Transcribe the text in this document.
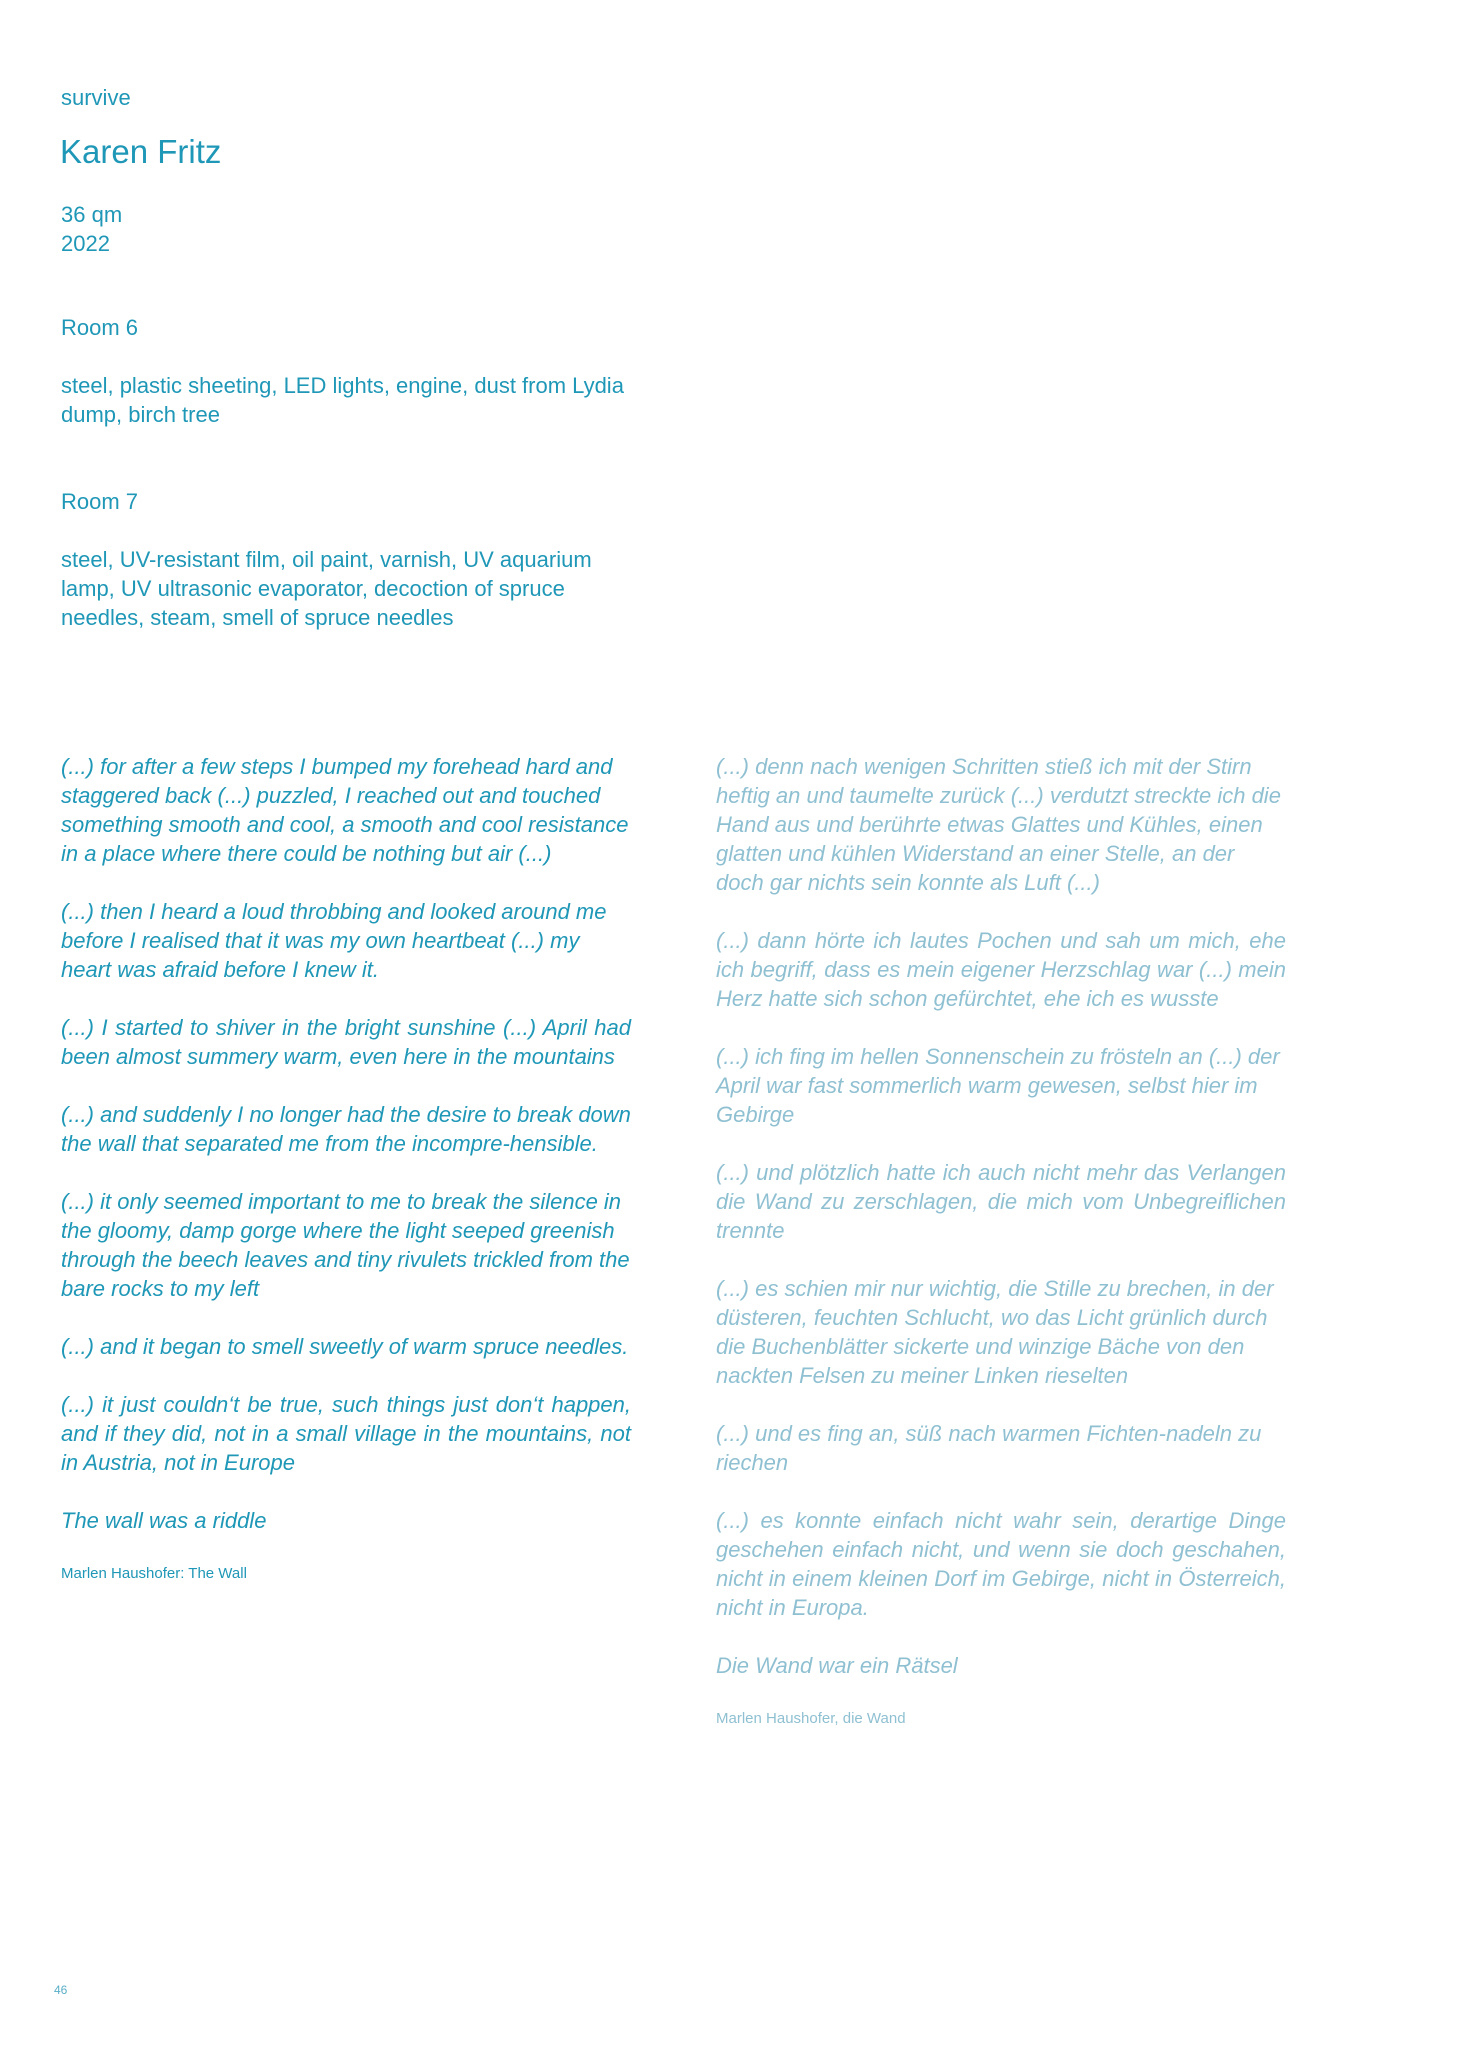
survive
Karen Fritz
36 qm
2022
Room 6
steel, plastic sheeting, LED lights, engine, dust from Lydia dump, birch tree
Room 7
steel, UV-resistant film, oil paint, varnish, UV aquarium lamp, UV ultrasonic evaporator, decoction of spruce needles, steam, smell of spruce needles

(...) for after a few steps I bumped my forehead hard and staggered back (...) puzzled, I reached out and touched something smooth and cool, a smooth and cool resistance in a place where there could be nothing but air (...)

(...) then I heard a loud throbbing and looked around me before I realised that it was my own heartbeat (...) my heart was afraid before I knew it.

(...) I started to shiver in the bright sunshine (...) April had been almost summery warm, even here in the mountains

(...) and suddenly I no longer had the desire to break down the wall that separated me from the incompre-hensible.

(...) it only seemed important to me to break the silence in the gloomy, damp gorge where the light seeped greenish through the beech leaves and tiny rivulets trickled from the bare rocks to my left

(...) and it began to smell sweetly of warm spruce needles.

(...) it just couldn‘t be true, such things just don‘t happen, and if they did, not in a small village in the mountains, not in Austria, not in Europe

The wall was a riddle

Marlen Haushofer: The Wall

(...) denn nach wenigen Schritten stieß ich mit der Stirn heftig an und taumelte zurück (...) verdutzt streckte ich die Hand aus und berührte etwas Glattes und Kühles, einen glatten und kühlen Widerstand an einer Stelle, an der doch gar nichts sein konnte als Luft (...)

(...) dann hörte ich lautes Pochen und sah um mich, ehe ich begriff, dass es mein eigener Herzschlag war (...) mein Herz hatte sich schon gefürchtet, ehe ich es wusste

(...) ich fing im hellen Sonnenschein zu frösteln an (...) der April war fast sommerlich warm gewesen, selbst hier im Gebirge

(...) und plötzlich hatte ich auch nicht mehr das Verlangen die Wand zu zerschlagen, die mich vom Unbegreiflichen trennte

(...) es schien mir nur wichtig, die Stille zu brechen, in der düsteren, feuchten Schlucht, wo das Licht grünlich durch die Buchenblätter sickerte und winzige Bäche von den nackten Felsen zu meiner Linken rieselten

(...) und es fing an, süß nach warmen Fichten-nadeln zu riechen

(...) es konnte einfach nicht wahr sein, derartige Dinge geschehen einfach nicht, und wenn sie doch geschahen, nicht in einem kleinen Dorf im Gebirge, nicht in Österreich, nicht in Europa.

Die Wand war ein Rätsel

Marlen Haushofer, die Wand

46
